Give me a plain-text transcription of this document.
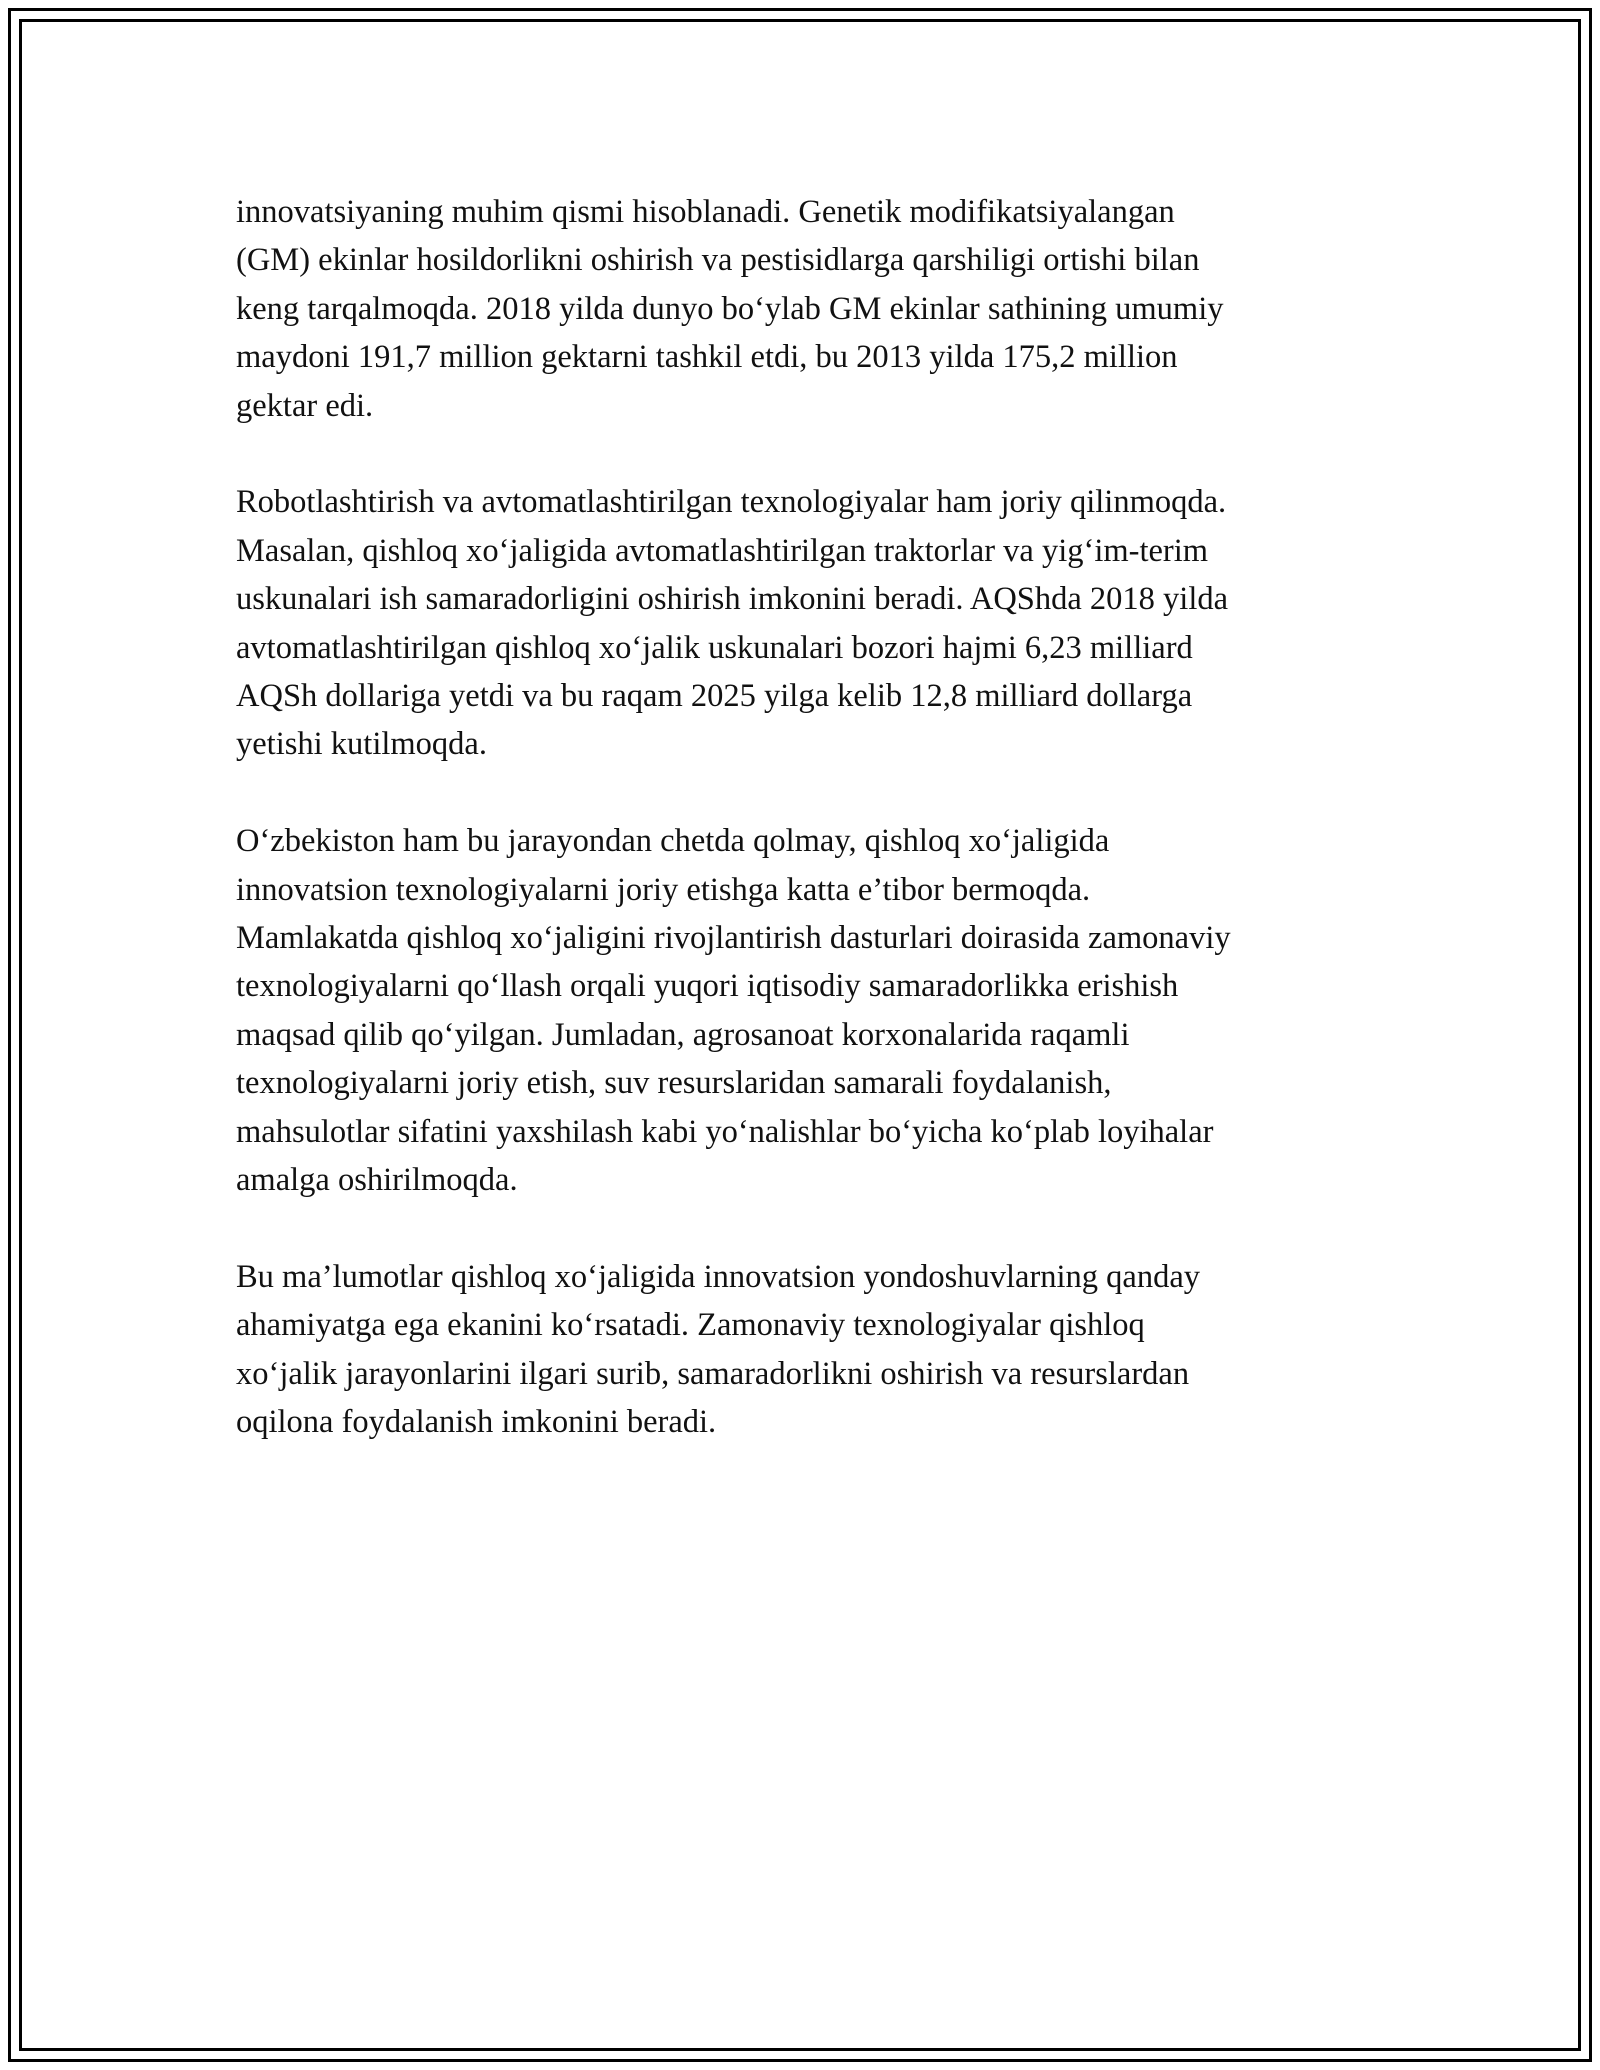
innovatsiyaning muhim qismi hisoblanadi. Genetik modifikatsiyalangan
(GM) ekinlar hosildorlikni oshirish va pestisidlarga qarshiligi ortishi bilan
keng tarqalmoqda. 2018 yilda dunyo bo‘ylab GM ekinlar sathining umumiy
maydoni 191,7 million gektarni tashkil etdi, bu 2013 yilda 175,2 million
gektar edi.

Robotlashtirish va avtomatlashtirilgan texnologiyalar ham joriy qilinmoqda.
Masalan, qishloq xo‘jaligida avtomatlashtirilgan traktorlar va yig‘im-terim
uskunalari ish samaradorligini oshirish imkonini beradi. AQShda 2018 yilda
avtomatlashtirilgan qishloq xo‘jalik uskunalari bozori hajmi 6,23 milliard
AQSh dollariga yetdi va bu raqam 2025 yilga kelib 12,8 milliard dollarga
yetishi kutilmoqda.

O‘zbekiston ham bu jarayondan chetda qolmay, qishloq xo‘jaligida
innovatsion texnologiyalarni joriy etishga katta e’tibor bermoqda.
Mamlakatda qishloq xo‘jaligini rivojlantirish dasturlari doirasida zamonaviy
texnologiyalarni qo‘llash orqali yuqori iqtisodiy samaradorlikka erishish
maqsad qilib qo‘yilgan. Jumladan, agrosanoat korxonalarida raqamli
texnologiyalarni joriy etish, suv resurslaridan samarali foydalanish,
mahsulotlar sifatini yaxshilash kabi yo‘nalishlar bo‘yicha ko‘plab loyihalar
amalga oshirilmoqda.

Bu ma’lumotlar qishloq xo‘jaligida innovatsion yondoshuvlarning qanday
ahamiyatga ega ekanini ko‘rsatadi. Zamonaviy texnologiyalar qishloq
xo‘jalik jarayonlarini ilgari surib, samaradorlikni oshirish va resurslardan
oqilona foydalanish imkonini beradi.
